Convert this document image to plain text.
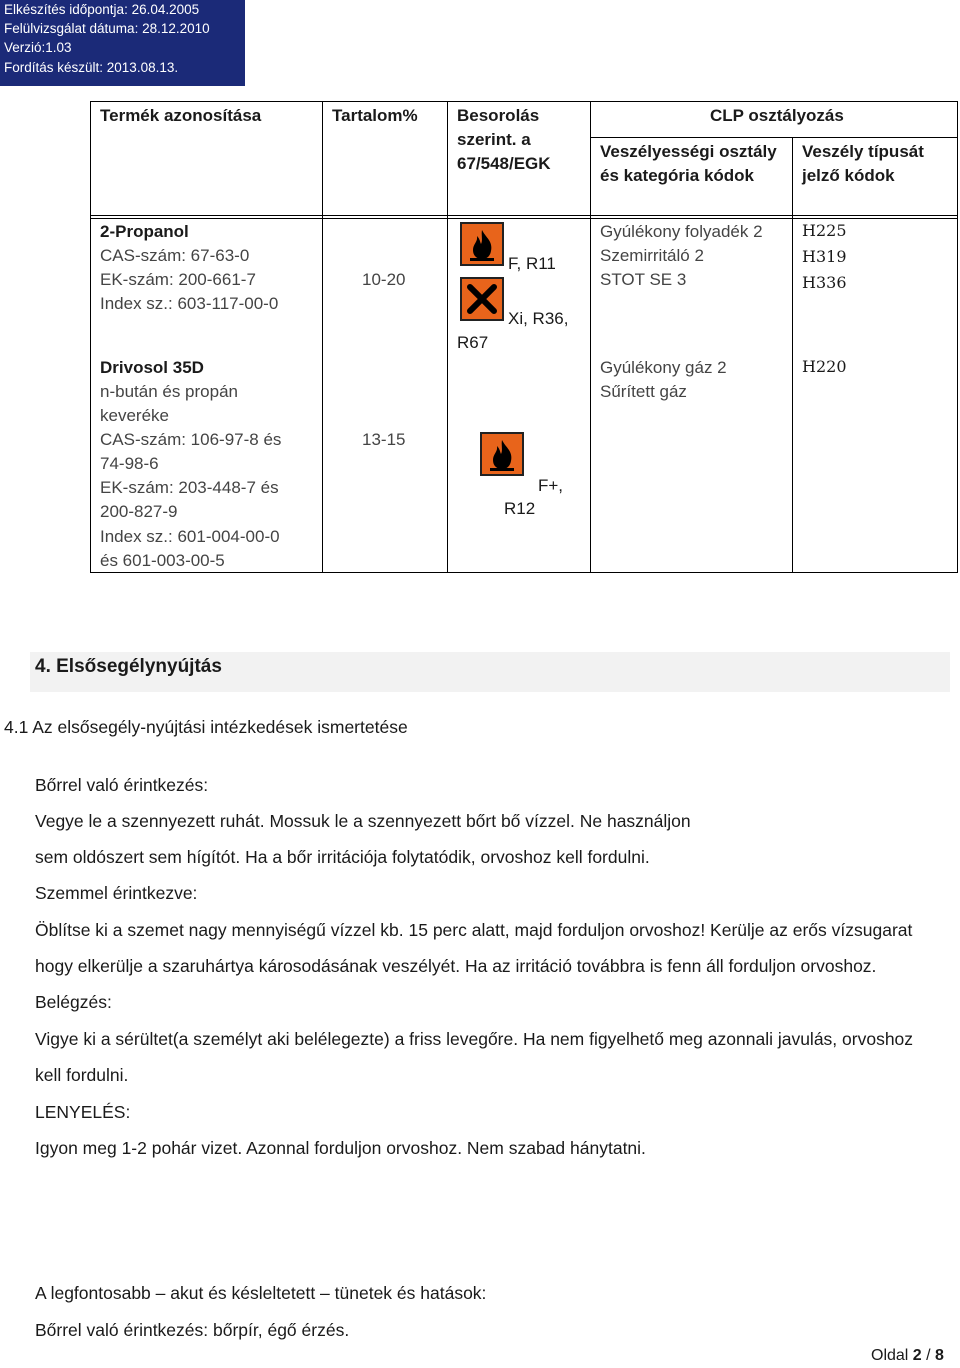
Elkészítés időpontja: 26.04.2005
Felülvizsgálat dátuma: 28.12.2010
Verzió:1.03
Fordítás készült: 2013.08.13.
Termék azonosítása	Tartalom% Besorolás
szerint. a
67/548/EGK
CLP osztályozás
Veszélyességi osztály
és kategória kódok
Veszély típusát
jelző kódok
2-Propanol
CAS-szám: 67-63-0
EK-szám: 200-661-7
Index sz.: 603-117-00-0
10-20
F, R11
Xi, R36,
R67
Gyúlékony folyadék 2
Szemirritáló 2
STOT SE 3
H225
H319
H336
Drivosol 35D
n-bután és propán
keveréke
CAS-szám: 106-97-8 és
74-98-6
EK-szám: 203-448-7 és
200-827-9
Index sz.: 601-004-00-0
és 601-003-00-5
13-15
F+,
R12
Gyúlékony gáz 2
Sűrített gáz
H220
4. Elsősegélynyújtás
4.1 Az elsősegély-nyújtási intézkedések ismertetése
Bőrrel való érintkezés:
Vegye le a szennyezett ruhát. Mossuk le a szennyezett bőrt bő vízzel. Ne használjon
sem oldószert sem hígítót. Ha a bőr irritációja folytatódik, orvoshoz kell fordulni.
Szemmel érintkezve:
Öblítse ki a szemet nagy mennyiségű vízzel kb. 15 perc alatt, majd forduljon orvoshoz! Kerülje az erős vízsugarat
hogy elkerülje a szaruhártya károsodásának veszélyét. Ha az irritáció továbbra is fenn áll forduljon orvoshoz.
Belégzés:
Vigye ki a sérültet(a személyt aki belélegezte) a friss levegőre. Ha nem figyelhető meg azonnali javulás, orvoshoz
kell fordulni.
LENYELÉS:
Igyon meg 1-2 pohár vizet. Azonnal forduljon orvoshoz. Nem szabad hánytatni.
A legfontosabb – akut és késleltetett – tünetek és hatások:
Bőrrel való érintkezés: bőrpír, égő érzés.
Oldal 2 / 8
